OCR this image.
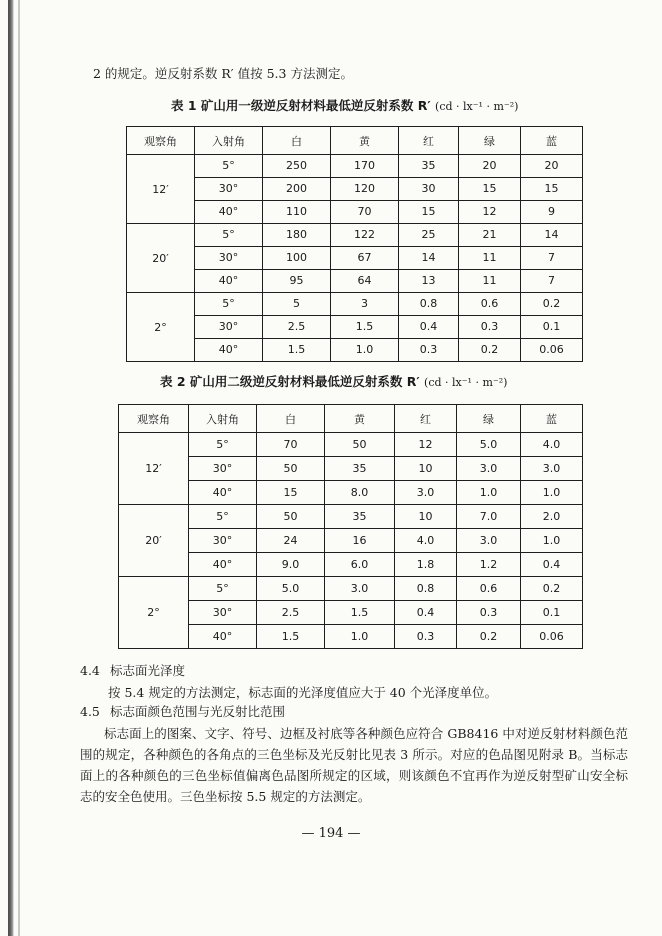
2 的规定。逆反射系数 R′ 值按 5.3 方法测定。
表 1 矿山用一级逆反射材料最低逆反射系数 R′ (cd · lx⁻¹ · m⁻²)
观察角	入射角	白	黄	红	绿	蓝
12′	5°	250	170	35	20	20

	30°	200	120	30	15	15

	40°	110	70	15	12	9

20′	5°	180	122	25	21	14

	30°	100	67	14	11	7

	40°	95	64	13	11	7

2°	5°	5	3	0.8	0.6	0.2

	30°	2.5	1.5	0.4	0.3	0.1

	40°	1.5	1.0	0.3	0.2	0.06
表 2 矿山用二级逆反射材料最低逆反射系数 R′ (cd · lx⁻¹ · m⁻²)
观察角	入射角	白	黄	红	绿	蓝
12′	5°	70	50	12	5.0	4.0

	30°	50	35	10	3.0	3.0

	40°	15	8.0	3.0	1.0	1.0

20′	5°	50	35	10	7.0	2.0

	30°	24	16	4.0	3.0	1.0

	40°	9.0	6.0	1.8	1.2	0.4

2°	5°	5.0	3.0	0.8	0.6	0.2

	30°	2.5	1.5	0.4	0.3	0.1

	40°	1.5	1.0	0.3	0.2	0.06
4.4 标志面光泽度
按 5.4 规定的方法测定，标志面的光泽度值应大于 40 个光泽度单位。
4.5 标志面颜色范围与光反射比范围
标志面上的图案、文字、符号、边框及衬底等各种颜色应符合 GB8416 中对逆反射材料颜色范围的规定，各种颜色的各角点的三色坐标及光反射比见表 3 所示。对应的色品图见附录 B。当标志面上的各种颜色的三色坐标值偏离色品图所规定的区域，则该颜色不宜再作为逆反射型矿山安全标志的安全色使用。三色坐标按 5.5 规定的方法测定。
— 194 —
